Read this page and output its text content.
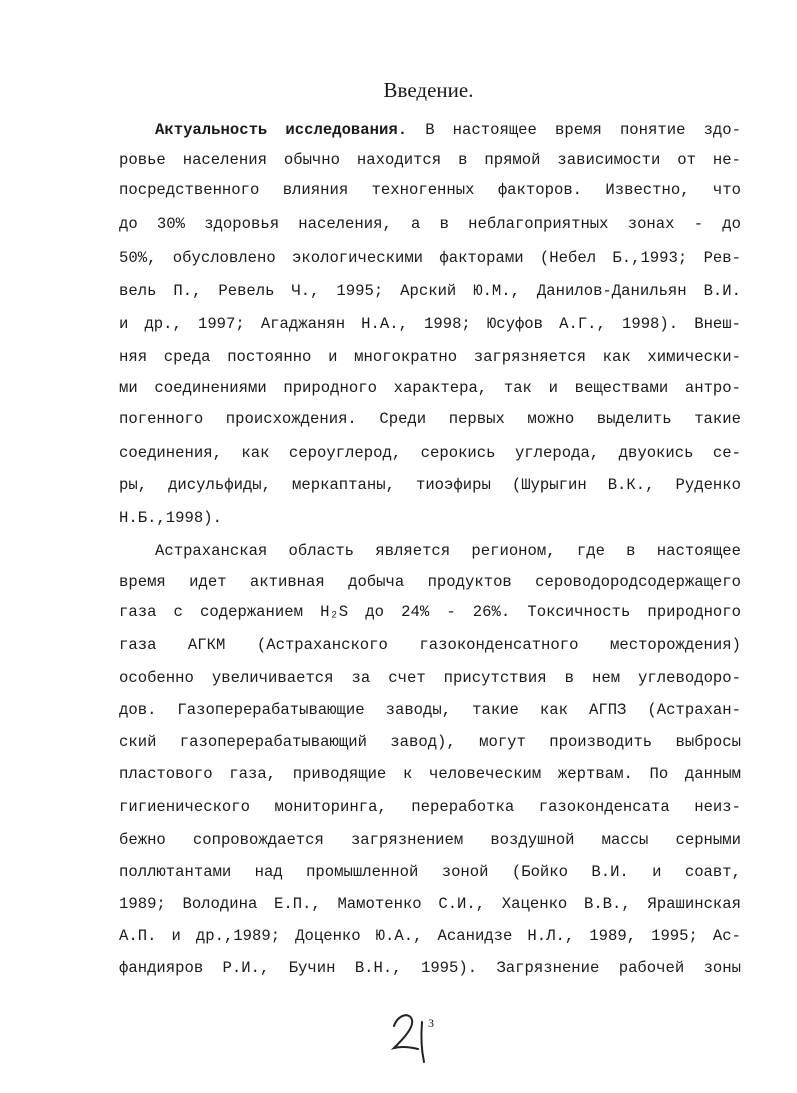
Введение.
Актуальность исследования. В настоящее время понятие здо-
ровье населения обычно находится в прямой зависимости от не-
посредственного влияния техногенных факторов. Известно, что
до 30% здоровья населения, а в неблагоприятных зонах - до
50%, обусловлено экологическими факторами (Небел Б.,1993; Рев-
вель П., Ревель Ч., 1995; Арский Ю.М., Данилов-Данильян В.И.
и др., 1997; Агаджанян Н.А., 1998; Юсуфов А.Г., 1998). Внеш-
няя среда постоянно и многократно загрязняется как химически-
ми соединениями природного характера, так и веществами антро-
погенного происхождения. Среди первых можно выделить такие
соединения, как сероуглерод, серокись углерода, двуокись се-
ры, дисульфиды, меркаптаны, тиоэфиры (Шурыгин В.К., Руденко
Н.Б.,1998).
Астраханская область является регионом, где в настоящее
время идет активная добыча продуктов сероводородсодержащего
газа с содержанием H₂S до 24% - 26%. Токсичность природного
газа АГКМ (Астраханского газоконденсатного месторождения)
особенно увеличивается за счет присутствия в нем углеводоро-
дов. Газоперерабатывающие заводы, такие как АГПЗ (Астрахан-
ский газоперерабатывающий завод), могут производить выбросы
пластового газа, приводящие к человеческим жертвам. По данным
гигиенического мониторинга, переработка газоконденсата неиз-
бежно сопровождается загрязнением воздушной массы серными
поллютантами над промышленной зоной (Бойко В.И. и соавт,
1989; Володина Е.П., Мамотенко С.И., Хаценко В.В., Ярашинская
А.П. и др.,1989; Доценко Ю.А., Асанидзе Н.Л., 1989, 1995; Ас-
фандияров Р.И., Бучин В.Н., 1995). Загрязнение рабочей зоны
3
